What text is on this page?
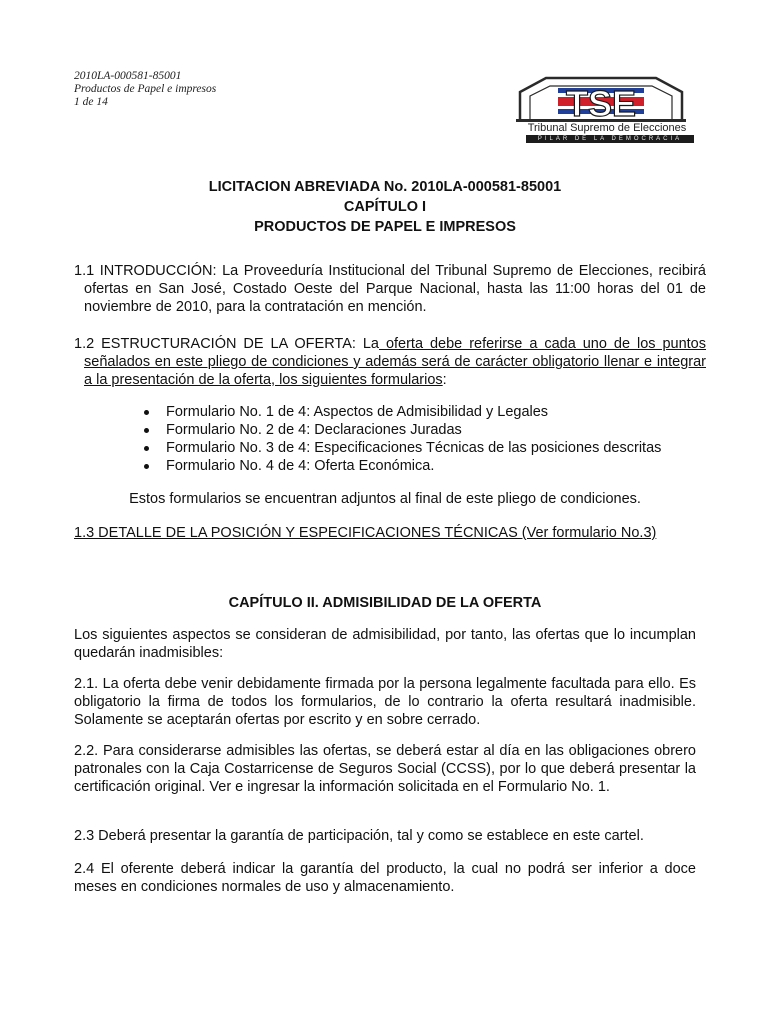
2010LA-000581-85001
Productos de Papel e impresos
1 de 14	TSE
Tribunal Supremo de Elecciones
PILAR DE LA DEMOCRACIA
LICITACION ABREVIADA No. 2010LA-000581-85001
CAPÍTULO I
PRODUCTOS DE PAPEL E IMPRESOS
1.1 INTRODUCCIÓN: La Proveeduría Institucional del Tribunal Supremo de Elecciones, recibirá ofertas en San José, Costado Oeste del Parque Nacional, hasta las 11:00 horas del 01 de noviembre de 2010, para la contratación en mención.
1.2 ESTRUCTURACIÓN DE LA OFERTA: La oferta debe referirse a cada uno de los puntos señalados en este pliego de condiciones y además será de carácter obligatorio llenar e integrar a la presentación de la oferta, los siguientes formularios:
Formulario No. 1 de 4: Aspectos de Admisibilidad y Legales
Formulario No. 2 de 4: Declaraciones Juradas
Formulario No. 3 de 4: Especificaciones Técnicas de las posiciones descritas
Formulario No. 4 de 4: Oferta Económica.
Estos formularios se encuentran adjuntos al final de este pliego de condiciones.
1.3 DETALLE DE LA POSICIÓN Y ESPECIFICACIONES TÉCNICAS (Ver formulario No.3)
CAPÍTULO II. ADMISIBILIDAD DE LA OFERTA
Los siguientes aspectos se consideran de admisibilidad, por tanto, las ofertas que lo incumplan quedarán inadmisibles:
2.1. La oferta debe venir debidamente firmada por la persona legalmente facultada para ello. Es obligatorio la firma de todos los formularios, de lo contrario la oferta resultará inadmisible. Solamente se aceptarán ofertas por escrito y en sobre cerrado.
2.2. Para considerarse admisibles las ofertas, se deberá estar al día en las obligaciones obrero patronales con la Caja Costarricense de Seguros Social (CCSS), por lo que deberá presentar la certificación original. Ver e ingresar la información solicitada en el Formulario No. 1.
2.3 Deberá presentar la garantía de participación, tal y como se establece en este cartel.
2.4 El oferente deberá indicar la garantía del producto, la cual no podrá ser inferior a doce meses en condiciones normales de uso y almacenamiento.
